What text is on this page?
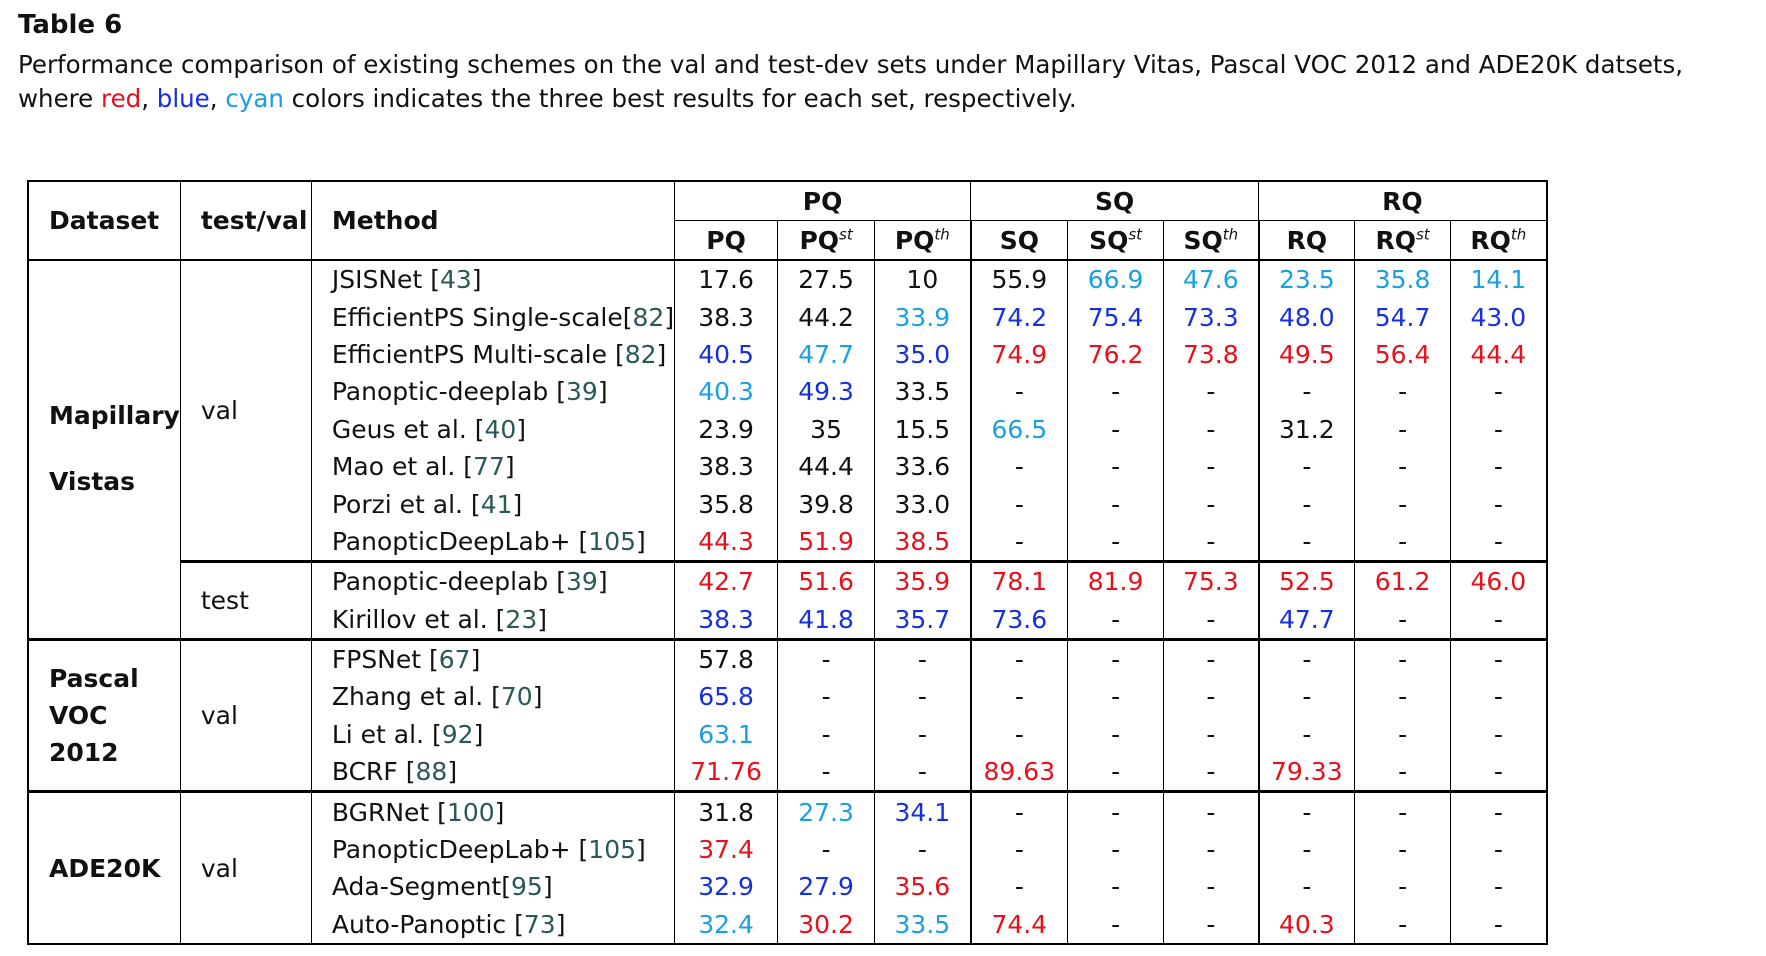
Table 6
Performance comparison of existing schemes on the val and test-dev sets under Mapillary Vitas, Pascal VOC 2012 and ADE20K datsets, where red, blue, cyan colors indicates the three best results for each set, respectively.
Dataset	test/val	Method	PQ			SQ			RQ		
			PQ	$PQ^{st}$	$PQ^{th}$	SQ	$SQ^{st}$	$SQ^{th}$	RQ	$RQ^{st}$	$RQ^{th}$

Mapillary
Vistas	val	JSISNet [43]	17.6	27.5	10	55.9	66.9	47.6	23.5	35.8	14.1
		EfficientPS Single-scale[82]	38.3	44.2	33.9	74.2	75.4	73.3	48.0	54.7	43.0
		EfficientPS Multi-scale [82]	40.5	47.7	35.0	74.9	76.2	73.8	49.5	56.4	44.4
		Panoptic-deeplab [39]	40.3	49.3	33.5	-	-	-	-	-	-
		Geus et al. [40]	23.9	35	15.5	66.5	-	-	31.2	-	-
		Mao et al. [77]	38.3	44.4	33.6	-	-	-	-	-	-
		Porzi et al. [41]	35.8	39.8	33.0	-	-	-	-	-	-
		PanopticDeepLab+ [105]	44.3	51.9	38.5	-	-	-	-	-	-
	test	Panoptic-deeplab [39]	42.7	51.6	35.9	78.1	81.9	75.3	52.5	61.2	46.0
		Kirillov et al. [23]	38.3	41.8	35.7	73.6	-	-	47.7	-	-

Pascal
VOC
2012	val	FPSNet [67]	57.8	-	-	-	-	-	-	-	-
		Zhang et al. [70]	65.8	-	-	-	-	-	-	-	-
		Li et al. [92]	63.1	-	-	-	-	-	-	-	-
		BCRF [88]	71.76	-	-	89.63	-	-	79.33	-	-

ADE20K	val	BGRNet [100]	31.8	27.3	34.1	-	-	-	-	-	-
		PanopticDeepLab+ [105]	37.4	-	-	-	-	-	-	-	-
		Ada-Segment[95]	32.9	27.9	35.6	-	-	-	-	-	-
		Auto-Panoptic [73]	32.4	30.2	33.5	74.4	-	-	40.3	-	-
